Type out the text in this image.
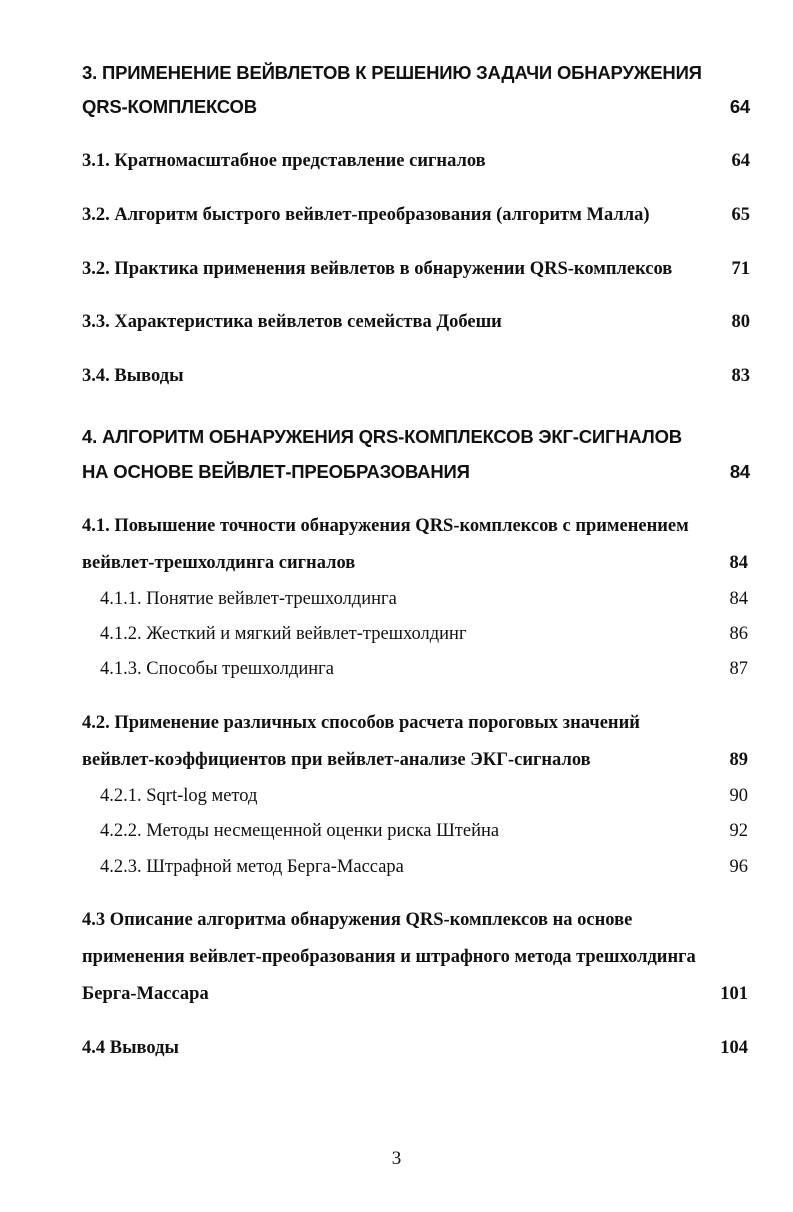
3. ПРИМЕНЕНИЕ ВЕЙВЛЕТОВ К РЕШЕНИЮ ЗАДАЧИ ОБНАРУЖЕНИЯ
QRS-КОМПЛЕКСОВ	64
3.1. Кратномасштабное представление сигналов	64
3.2. Алгоритм быстрого вейвлет-преобразования (алгоритм Малла)	65
3.2. Практика применения вейвлетов в обнаружении QRS-комплексов	71
3.3. Характеристика вейвлетов семейства Добеши	80
3.4. Выводы	83
4. АЛГОРИТМ ОБНАРУЖЕНИЯ QRS-КОМПЛЕКСОВ ЭКГ-СИГНАЛОВ
НА ОСНОВЕ ВЕЙВЛЕТ-ПРЕОБРАЗОВАНИЯ	84
4.1. Повышение точности обнаружения QRS-комплексов с применением
вейвлет-трешхолдинга сигналов	84
4.1.1. Понятие вейвлет-трешхолдинга	84
4.1.2. Жесткий и мягкий вейвлет-трешхолдинг	86
4.1.3. Способы трешхолдинга	87
4.2. Применение различных способов расчета пороговых значений
вейвлет-коэффициентов при вейвлет-анализе ЭКГ-сигналов	89
4.2.1. Sqrt-log метод	90
4.2.2. Методы несмещенной оценки риска Штейна	92
4.2.3. Штрафной метод Берга-Массара	96
4.3 Описание алгоритма обнаружения QRS-комплексов на основе
применения вейвлет-преобразования и штрафного метода трешхолдинга
Берга-Массара	101
4.4 Выводы	104
3
